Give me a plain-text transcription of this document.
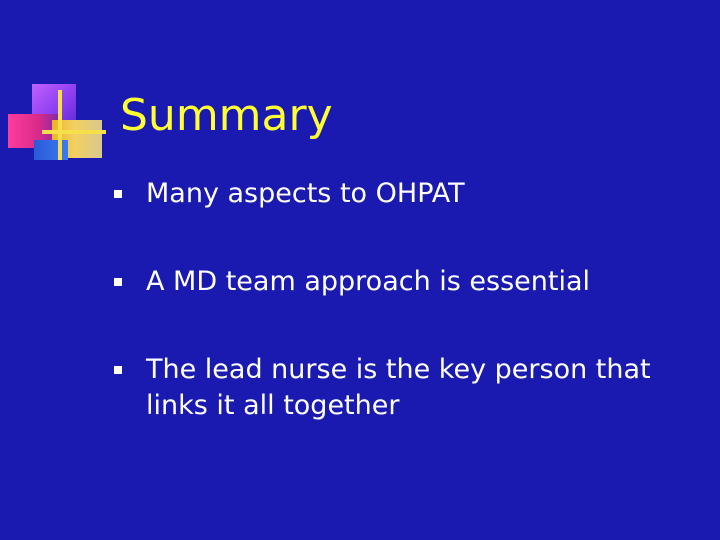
Summary
Many aspects to OHPAT
A MD team approach is essential
The lead nurse is the key person that links it all together
